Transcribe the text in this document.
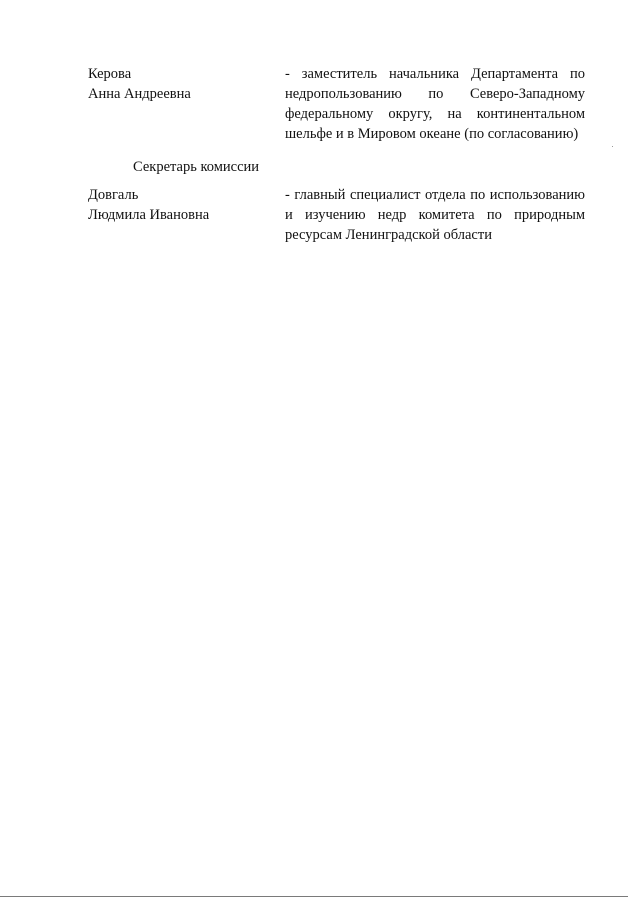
Керова
Анна Андреевна
- заместитель начальника Департамента по недропользованию по Северо-Западному федеральному округу, на континентальном шельфе и в Мировом океане (по согласованию)
Секретарь комиссии
Довгаль
Людмила Ивановна
- главный специалист отдела по использованию и изучению недр комитета по природным ресурсам Ленинградской области
